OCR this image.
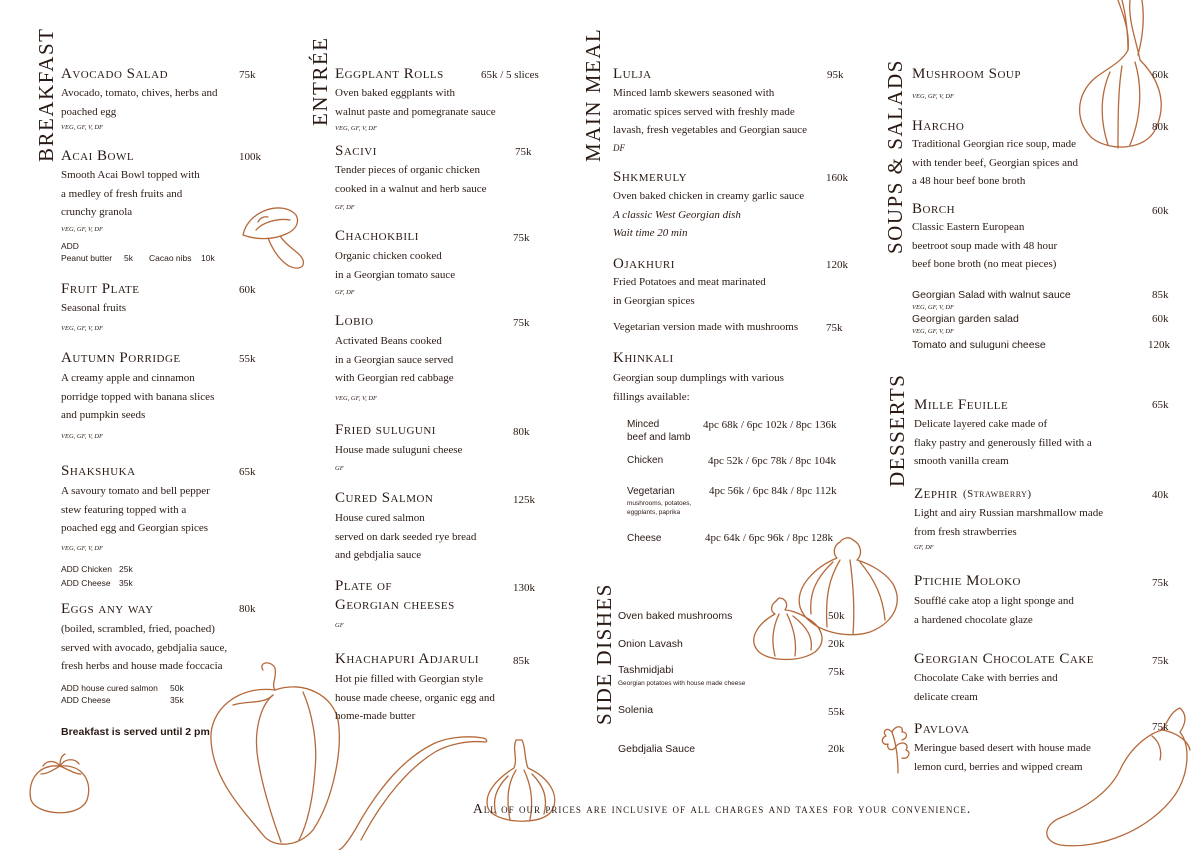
BREAKFAST	ENTRÉE	MAIN MEAL
SIDE DISHES
SOUPS & SALADS
DESSERTS
Avocado Salad	75k
Avocado, tomato, chives, herbs and
poached egg
VEG, GF, V, DF
Acai Bowl	100k
Smooth Acai Bowl topped with
a medley of fresh fruits and
crunchy granola
VEG, GF, V, DF
ADD
Peanut butter 5k Cacao nibs 10k
Fruit Plate	60k
Seasonal fruits
VEG, GF, V, DF
Autumn Porridge	55k
A creamy apple and cinnamon
porridge topped with banana slices
and pumpkin seeds
VEG, GF, V, DF
Shakshuka	65k
A savoury tomato and bell pepper
stew featuring topped with a
poached egg and Georgian spices
VEG, GF, V, DF
ADD Chicken 25k
ADD Cheese 35k
Eggs any way	80k
(boiled, scrambled, fried, poached)
served with avocado, gebdjalia sauce,
fresh herbs and house made foccacia
ADD house cured salmon 50k
ADD Cheese	35k
Breakfast is served until 2 pm
Eggplant Rolls	65k / 5 slices
Oven baked eggplants with
walnut paste and pomegranate sauce
VEG, GF, V, DF
Sacivi	75k
Tender pieces of organic chicken
cooked in a walnut and herb sauce
GF, DF
Chachokbili	75k
Organic chicken cooked
in a Georgian tomato sauce
GF, DF
Lobio	75k
Activated Beans cooked
in a Georgian sauce served
with Georgian red cabbage
VEG, GF, V, DF
Fried suluguni	80k
House made suluguni cheese
GF
Cured Salmon	125k
House cured salmon
served on dark seeded rye bread
and gebdjalia sauce
Plate of
Georgian cheeses
130k
GF
Khachapuri Adjaruli	85k
Hot pie filled with Georgian style
house made cheese, organic egg and
home-made butter
Lulja	95k
Minced lamb skewers seasoned with
aromatic spices served with freshly made
lavash, fresh vegetables and Georgian sauce
DF
Shkmeruly	160k
Oven baked chicken in creamy garlic sauce
A classic West Georgian dish
Wait time 20 min
Ojakhuri	120k
Fried Potatoes and meat marinated
in Georgian spices
Vegetarian version made with mushrooms	75k
Khinkali
Georgian soup dumplings with various
fillings available:
Minced
beef and lamb
4pc 68k / 6pc 102k / 8pc 136k
Chicken	4pc 52k / 6pc 78k / 8pc 104k
Vegetarian
mushrooms, potatoes,
eggplants, paprika
4pc 56k / 6pc 84k / 8pc 112k
Cheese	4pc 64k / 6pc 96k / 8pc 128k
Oven baked mushrooms	50k
Onion Lavash	20k
Tashmidjabi
Georgian potatoes with house made cheese
75k
Solenia	55k
Gebdjalia Sauce	20k
Mushroom Soup	60k
VEG, GF, V, DF
Harcho	80k
Traditional Georgian rice soup, made
with tender beef, Georgian spices and
a 48 hour beef bone broth
Borch	60k
Classic Eastern European
beetroot soup made with 48 hour
beef bone broth (no meat pieces)
Georgian Salad with walnut sauce	85k
VEG, GF, V, DF
Georgian garden salad	60k
VEG, GF, V, DF
Tomato and suluguni cheese	120k
Mille Feuille	65k
Delicate layered cake made of
flaky pastry and generously filled with a
smooth vanilla cream
Zephir (Strawberry)	40k
Light and airy Russian marshmallow made
from fresh strawberries
GF, DF
Ptichie Moloko	75k
Soufflé cake atop a light sponge and
a hardened chocolate glaze
Georgian Chocolate Cake	75k
Chocolate Cake with berries and
delicate cream
Pavlova	75k
Meringue based desert with house made
lemon curd, berries and wipped cream
All of our prices are inclusive of all charges and taxes for your convenience.
